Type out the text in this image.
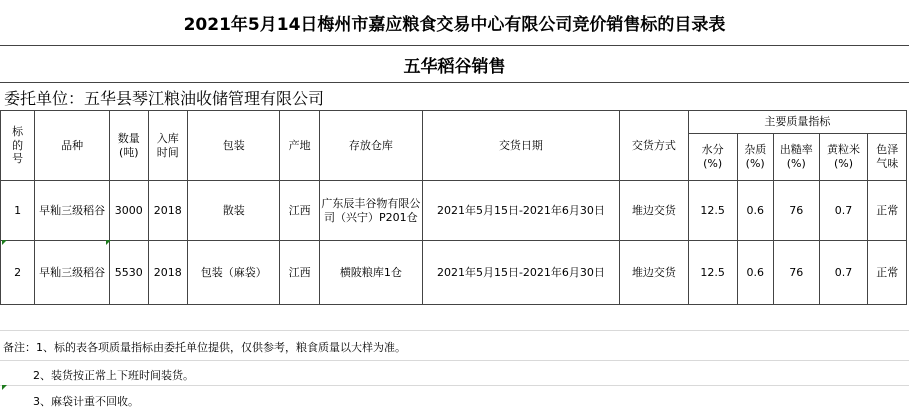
2021年5月14日梅州市嘉应粮食交易中心有限公司竞价销售标的目录表
五华稻谷销售
委托单位：五华县琴江粮油收储管理有限公司
标的号	品种	数量(吨)	入库时间	包装	产地	存放仓库	交货日期	交货方式	主要质量指标				
									水分(%)	杂质(%)	出糙率(%)	黄粒米(%)	色泽气味
1	早籼三级稻谷	3000	2018	散装	江西	广东辰丰谷物有限公司（兴宁）P201仓	2021年5月15日-2021年6月30日	堆边交货	12.5	0.6	76	0.7	正常
2	早籼三级稻谷	5530	2018	包装（麻袋）	江西	横陂粮库1仓	2021年5月15日-2021年6月30日	堆边交货	12.5	0.6	76	0.7	正常
备注：1、标的表各项质量指标由委托单位提供，仅供参考，粮食质量以大样为准。
2、装货按正常上下班时间装货。
3、麻袋计重不回收。
